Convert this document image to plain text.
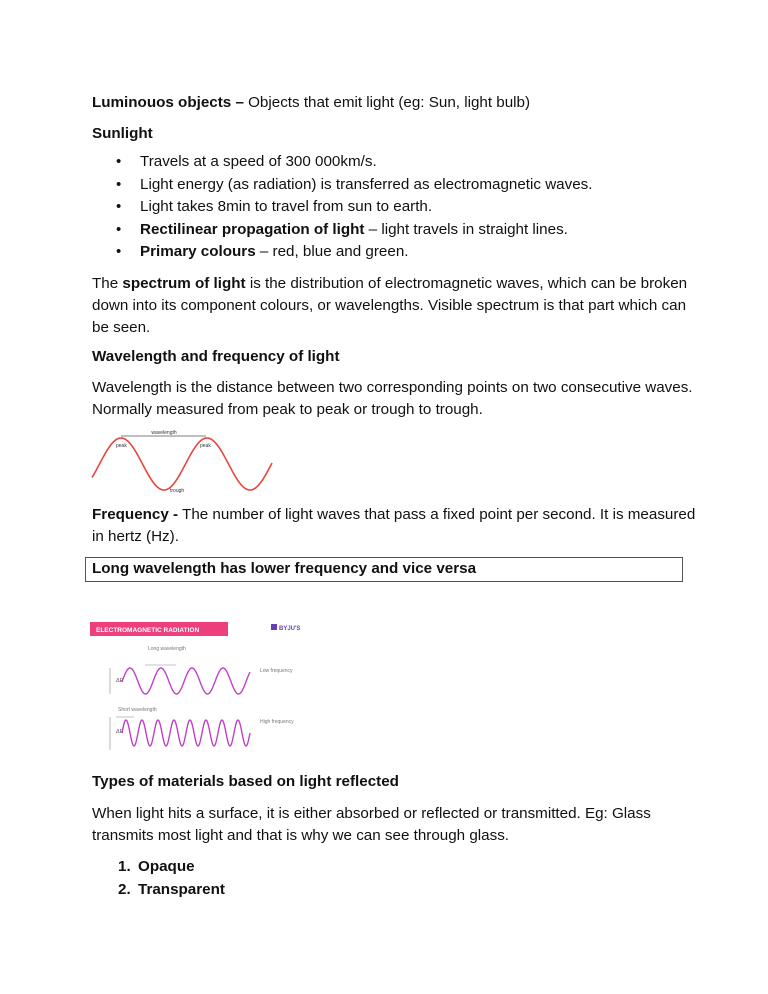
Luminouos objects – Objects that emit light (eg: Sun, light bulb)

Sunlight

• Travels at a speed of 300 000km/s.
• Light energy (as radiation) is transferred as electromagnetic waves.
• Light takes 8min to travel from sun to earth.
• Rectilinear propagation of light – light travels in straight lines.
• Primary colours – red, blue and green.

The spectrum of light is the distribution of electromagnetic waves, which can be broken down into its component colours, or wavelengths. Visible spectrum is that part which can be seen.

Wavelength and frequency of light

Wavelength is the distance between two corresponding points on two consecutive waves. Normally measured from peak to peak or trough to trough.

wavelength
peak	peak
trough

Frequency - The number of light waves that pass a fixed point per second. It is measured in hertz (Hz).

Long wavelength has lower frequency and vice versa
ELECTROMAGNETIC RADIATION	BYJU'S
Long wavelength
ΔE
Low frequency
Short wavelength
ΔE
High frequency

Types of materials based on light reflected

When light hits a surface, it is either absorbed or reflected or transmitted. Eg: Glass transmits most light and that is why we can see through glass.

1. Opaque
2. Transparent
